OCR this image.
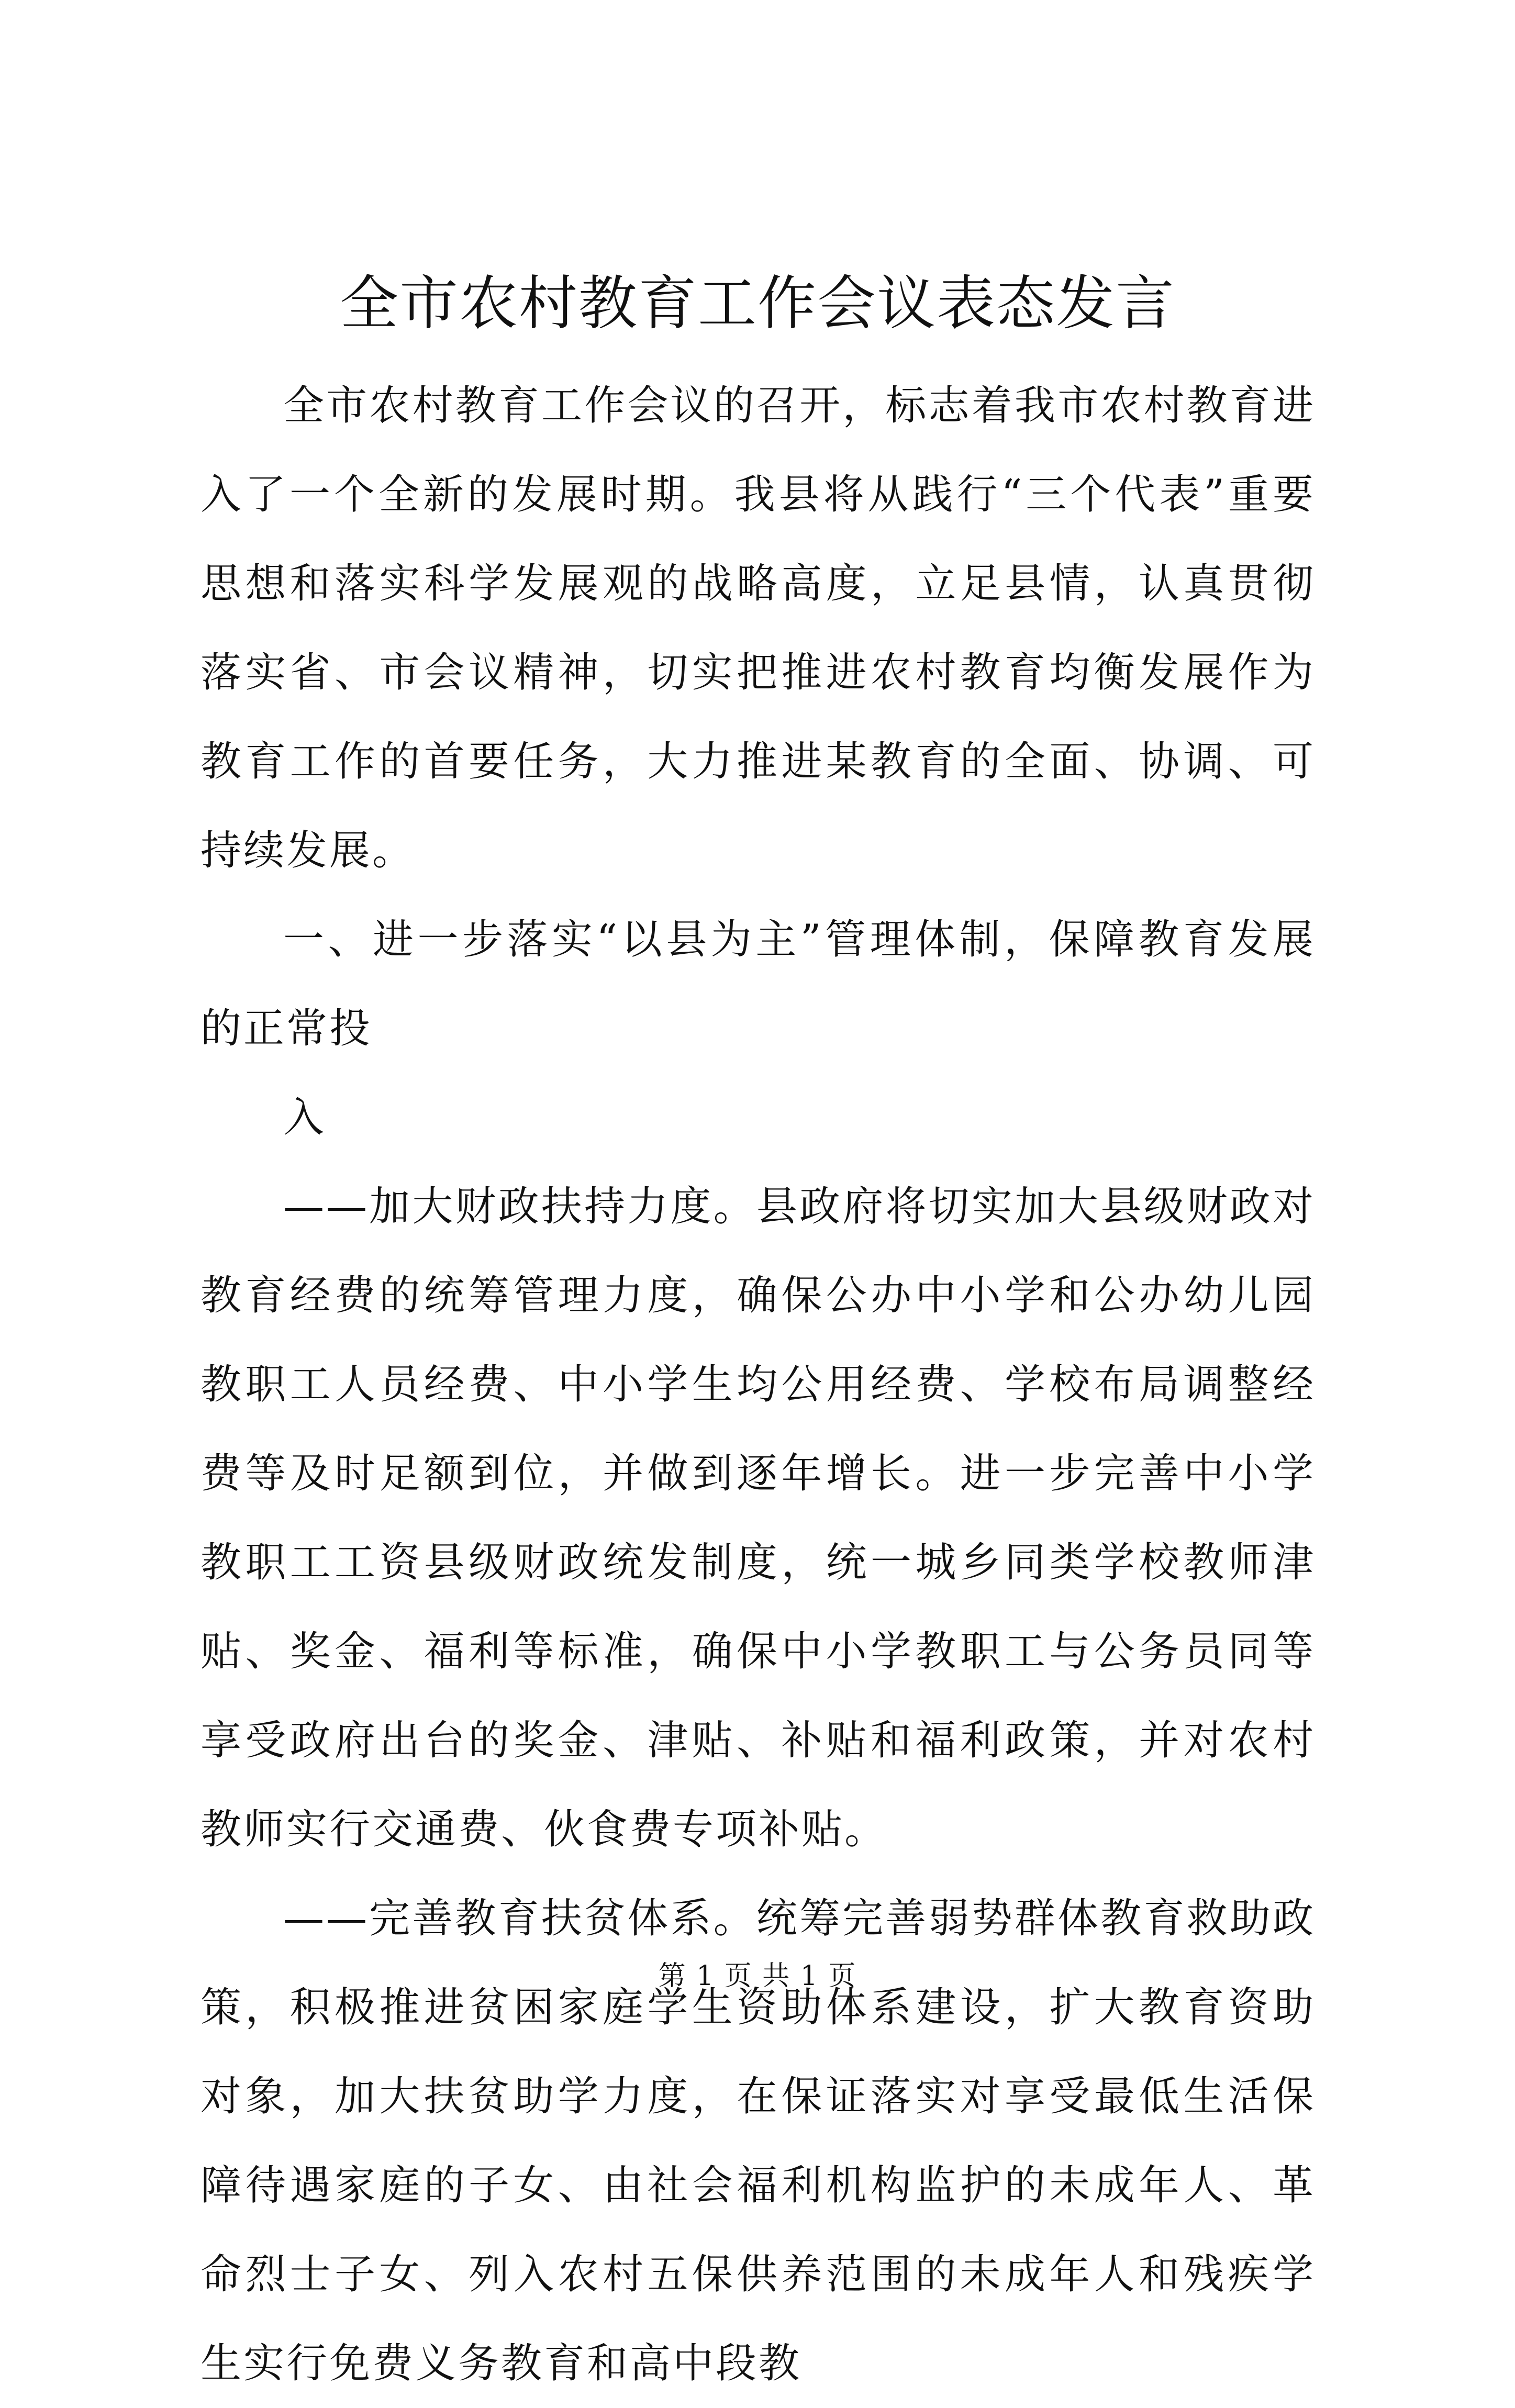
全市农村教育工作会议表态发言

全市农村教育工作会议的召开，标志着我市农村教育进入了一个全新的发展时期。我县将从践行“三个代表”重要思想和落实科学发展观的战略高度，立足县情，认真贯彻落实省、市会议精神，切实把推进农村教育均衡发展作为教育工作的首要任务，大力推进某教育的全面、协调、可持续发展。

一、进一步落实“以县为主”管理体制，保障教育发展的正常投

入

——加大财政扶持力度。县政府将切实加大县级财政对教育经费的统筹管理力度，确保公办中小学和公办幼儿园教职工人员经费、中小学生均公用经费、学校布局调整经费等及时足额到位，并做到逐年增长。进一步完善中小学教职工工资县级财政统发制度，统一城乡同类学校教师津贴、奖金、福利等标准，确保中小学教职工与公务员同等享受政府出台的奖金、津贴、补贴和福利政策，并对农村教师实行交通费、伙食费专项补贴。

——完善教育扶贫体系。统筹完善弱势群体教育救助政策，积极推进贫困家庭学生资助体系建设，扩大教育资助对象，加大扶贫助学力度，在保证落实对享受最低生活保障待遇家庭的子女、由社会福利机构监护的未成年人、革命烈士子女、列入农村五保供养范围的未成年人和残疾学生实行免费义务教育和高中段教

第 1 页 共 1 页
